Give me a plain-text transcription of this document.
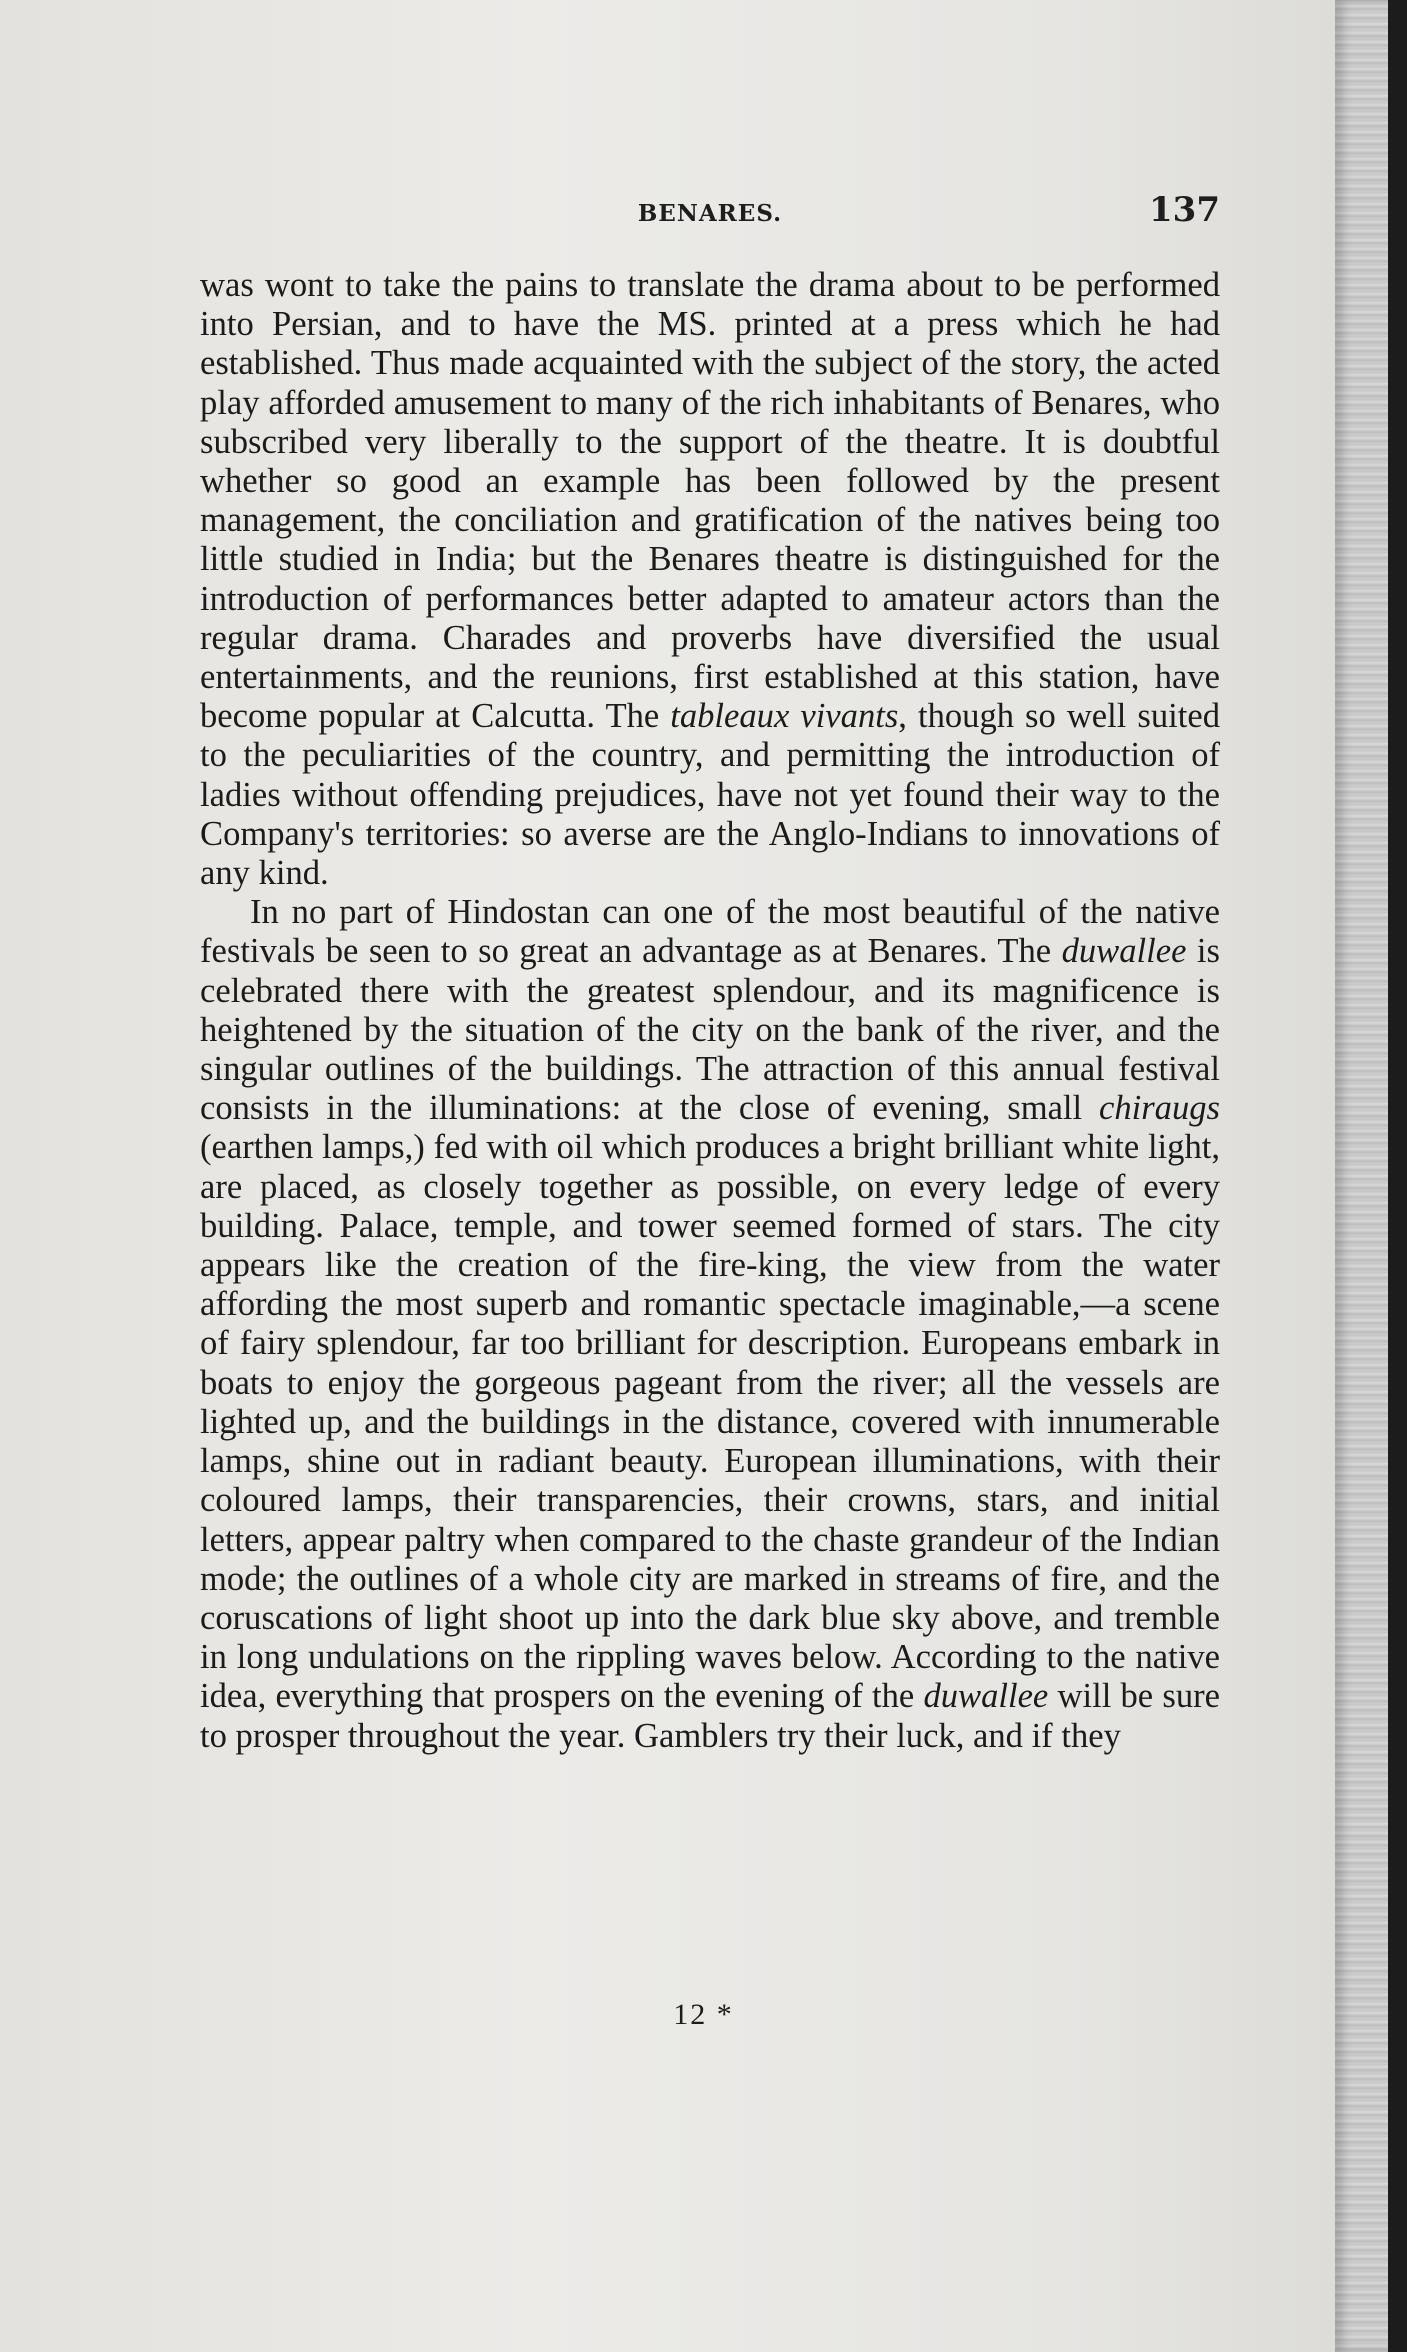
BENARES.	137

was wont to take the pains to translate the drama about to be performed into Persian, and to have the MS. printed at a press which he had established. Thus made acquainted with the subject of the story, the acted play afforded amusement to many of the rich inhabitants of Benares, who subscribed very liberally to the support of the theatre. It is doubtful whether so good an example has been followed by the present management, the conciliation and gratification of the natives being too little studied in India; but the Benares theatre is distinguished for the introduction of performances better adapted to amateur actors than the regular drama. Charades and proverbs have diversified the usual entertainments, and the reunions, first established at this station, have become popular at Calcutta. The tableaux vivants, though so well suited to the peculiarities of the country, and permitting the introduction of ladies without offending prejudices, have not yet found their way to the Company's territories: so averse are the Anglo-Indians to innovations of any kind.

In no part of Hindostan can one of the most beautiful of the native festivals be seen to so great an advantage as at Benares. The duwallee is celebrated there with the greatest splendour, and its magnificence is heightened by the situation of the city on the bank of the river, and the singular outlines of the buildings. The attraction of this annual festival consists in the illuminations: at the close of evening, small chiraugs (earthen lamps,) fed with oil which produces a bright brilliant white light, are placed, as closely together as possible, on every ledge of every building. Palace, temple, and tower seemed formed of stars. The city appears like the creation of the fire-king, the view from the water affording the most superb and romantic spectacle imaginable,—a scene of fairy splendour, far too brilliant for description. Europeans embark in boats to enjoy the gorgeous pageant from the river; all the vessels are lighted up, and the buildings in the distance, covered with innumerable lamps, shine out in radiant beauty. European illuminations, with their coloured lamps, their transparencies, their crowns, stars, and initial letters, appear paltry when compared to the chaste grandeur of the Indian mode; the outlines of a whole city are marked in streams of fire, and the coruscations of light shoot up into the dark blue sky above, and tremble in long undulations on the rippling waves below. According to the native idea, everything that prospers on the evening of the duwallee will be sure to prosper throughout the year. Gamblers try their luck, and if they

12 *
